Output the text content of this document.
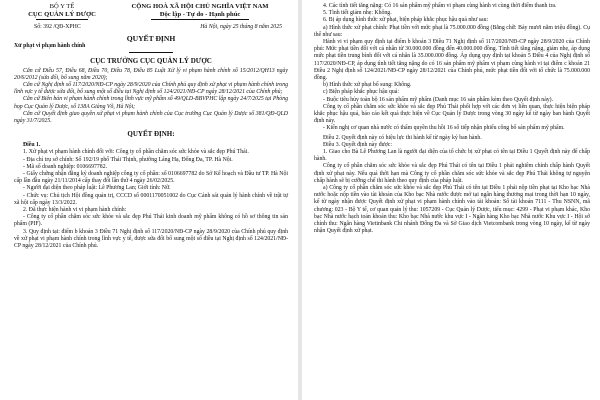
BỘ Y TẾ
CỤC QUẢN LÝ DƯỢC
CỘNG HOÀ XÃ HỘI CHỦ NGHĨA VIỆT NAM
Độc lập - Tự do - Hạnh phúc
Số: 392 /QĐ-XPHC	Hà Nội, ngày 25 tháng 8 năm 2025
QUYẾT ĐỊNH
Xử phạt vi phạm hành chính
CỤC TRƯỞNG CỤC QUẢN LÝ DƯỢC

Căn cứ Điều 57, Điều 68, Điều 70, Điều 78, Điều 85 Luật Xử lý vi phạm hành chính số 15/2012/QH13 ngày 20/6/2012 (sửa đổi, bổ sung năm 2020);

Căn cứ Nghị định số 117/2020/NĐ-CP ngày 28/9/2020 của Chính phủ quy định xử phạt vi phạm hành chính trong lĩnh vực y tế được sửa đổi, bổ sung một số điều tại Nghị định số 124/2021/NĐ-CP ngày 28/12/2021 của Chính phủ;

Căn cứ Biên bản vi phạm hành chính trong lĩnh vực mỹ phẩm số 49/QLD-BBVPHC lập ngày 24/7/2025 tại Phòng họp Cục Quản lý Dược, số 138A Giảng Võ, Hà Nội;

Căn cứ Quyết định giao quyền xử phạt vi phạm hành chính của Cục trưởng Cục Quản lý Dược số 381/QĐ-QLD ngày 31/7/2025.

QUYẾT ĐỊNH:

Điều 1.

1. Xử phạt vi phạm hành chính đối với: Công ty cổ phần chăm sóc sức khỏe và sắc đẹp Phú Thái.

- Địa chỉ trụ sở chính: Số 192/19 phố Thái Thịnh, phường Láng Hạ, Đống Đa, TP. Hà Nội.

- Mã số doanh nghiệp: 0106697782.

- Giấy chứng nhận đăng ký doanh nghiệp công ty cổ phần: số 0106697782 do Sở Kế hoạch và Đầu tư TP. Hà Nội cấp lần đầu ngày 21/11/2014 cấp thay đổi lần thứ 4 ngày 26/02/2025.

- Người đại diện theo pháp luật: Lê Phương Lan; Giới tính: Nữ.

- Chức vụ: Chủ tịch Hội đồng quản trị, CCCD số 0001170051002 do Cục Cảnh sát quản lý hành chính về trật tự xã hội cấp ngày 13/3/2022.

2. Đã thực hiện hành vi vi phạm hành chính:

- Công ty cổ phần chăm sóc sức khỏe và sắc đẹp Phú Thái kinh doanh mỹ phẩm không có hồ sơ thông tin sản phẩm (PIF).

3. Quy định tại: điểm b khoản 3 Điều 71 Nghị định số 117/2020/NĐ-CP ngày 28/9/2020 của Chính phủ quy định về xử phạt vi phạm hành chính trong lĩnh vực y tế, được sửa đổi bổ sung một số điều tại Nghị định số 124/2021/NĐ-CP ngày 28/12/2021 của Chính phủ.

4. Các tình tiết tăng nặng: Có 16 sản phẩm mỹ phẩm vi phạm cùng hành vi cùng thời điểm thanh tra.

5. Tình tiết giảm nhẹ: Không.

6. Bị áp dụng hình thức xử phạt, biện pháp khắc phục hậu quả như sau:

a) Hình thức xử phạt chính: Phạt tiền với mức phạt là 75.000.000 đồng (Bằng chữ: Bảy mươi năm triệu đồng). Cụ thể như sau:

Hành vi vi phạm quy định tại điểm b khoản 3 Điều 71 Nghị định số 117/2020/NĐ-CP ngày 28/9/2020 của Chính phủ: Mức phạt tiền đối với cá nhân từ 30.000.000 đồng đến 40.000.000 đồng. Tình tiết tăng nặng, giảm nhẹ, áp dụng mức phạt tiền trung bình đối với cá nhân là 35.000.000 đồng. Áp dụng quy định tại khoản 5 Điều 4 của Nghị định số 117/2020/NĐ-CP, áp dụng tình tiết tăng nặng do có 16 sản phẩm mỹ phẩm vi phạm cùng hành vi tại điểm c khoản 21 Điều 2 Nghị định số 124/2021/NĐ-CP ngày 28/12/2021 của Chính phủ, mức phạt tiền đối với tổ chức là 75.000.000 đồng.

b) Hình thức xử phạt bổ sung: Không.

c) Biện pháp khắc phục hậu quả:

- Buộc tiêu hủy toàn bộ 16 sản phẩm mỹ phẩm (Danh mục 16 sản phẩm kèm theo Quyết định này).

Công ty cổ phần chăm sóc sức khỏe và sắc đẹp Phú Thái phối hợp với các đơn vị liên quan, thực hiện biện pháp khắc phục hậu quả, báo cáo kết quả thực hiện về Cục Quản lý Dược trong vòng 30 ngày kể từ ngày ban hành Quyết định này.

- Kiến nghị cơ quan nhà nước có thẩm quyền thu hồi 16 số tiếp nhận phiếu công bố sản phẩm mỹ phẩm.

Điều 2. Quyết định này có hiệu lực thi hành kể từ ngày ký ban hành.

Điều 3. Quyết định này được:

1. Giao cho Bà Lê Phương Lan là người đại diện của tổ chức bị xử phạt có tên tại Điều 1 Quyết định này để chấp hành.

Công ty cổ phần chăm sóc sức khỏe và sắc đẹp Phú Thái có tên tại Điều 1 phải nghiêm chỉnh chấp hành Quyết định xử phạt này. Nếu quá thời hạn mà Công ty cổ phần chăm sóc sức khỏe và sắc đẹp Phú Thái không tự nguyện chấp hành sẽ bị cưỡng chế thi hành theo quy định của pháp luật.

a) Công ty cổ phần chăm sóc sức khỏe và sắc đẹp Phú Thái có tên tại Điều 1 phải nộp tiền phạt tại Kho bạc Nhà nước hoặc nộp tiền vào tài khoản của Kho bạc Nhà nước được mở tại ngân hàng thương mại trong thời hạn 10 ngày, kể từ ngày nhận được Quyết định xử phạt vi phạm hành chính vào tài khoản: Số tài khoản 7111 - Thu NSNN, mã chương: 023 - Bộ Y tế, cơ quan quản lý thu: 1057209 - Cục Quản lý Dược, tiểu mục: 4299 - Phạt vi phạm khác, Kho bạc Nhà nước hạch toán khoản thu: Kho bạc Nhà nước khu vực I - Ngân hàng Kho bạc Nhà nước Khu vực I - Hội sở chính thu: Ngân hàng Vietinbank Chi nhánh Đống Đa và Sở Giao dịch Vietcombank trong vòng 10 ngày, kể từ ngày nhận Quyết định xử phạt.
